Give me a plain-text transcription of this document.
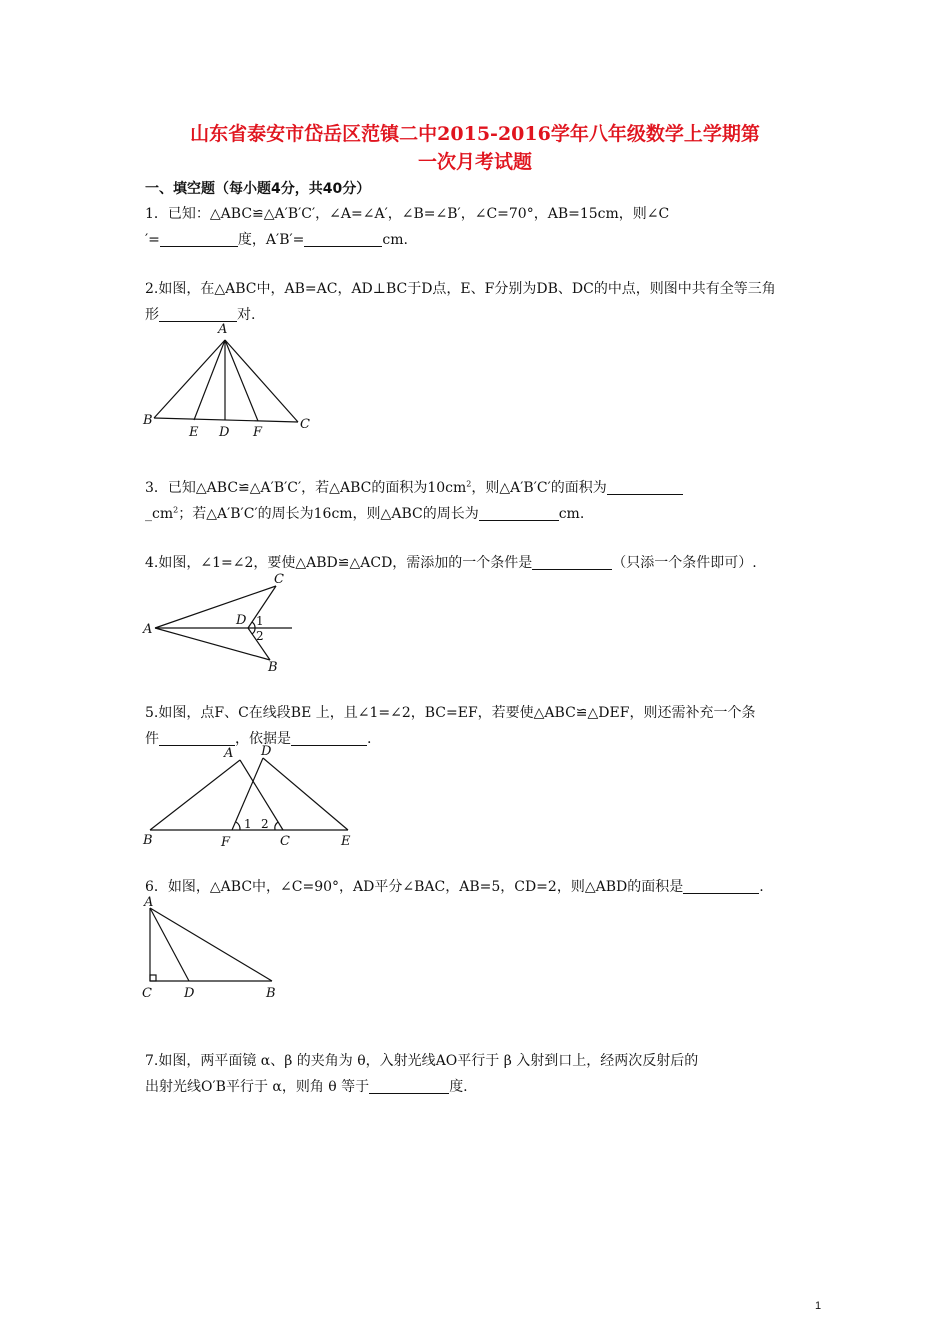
山东省泰安市岱岳区范镇二中2015-2016学年八年级数学上学期第
一次月考试题
一、填空题（每小题4分，共40分）
1．已知：△ABC≌△A′B′C′，∠A=∠A′，∠B=∠B′，∠C=70°，AB=15cm，则∠C
′=	度，A′B′=	cm.
2.如图，在△ABC中，AB=AC，AD⊥BC于D点，E、F分别为DB、DC的中点，则图中共有全等三角
形	对.
A
B	C
E D F
3．已知△ABC≌△A′B′C′，若△ABC的面积为$10cm^2$，则△A′B′C′的面积为
$\_cm^2$；若△A′B′C′的周长为16cm，则△ABC的周长为	cm.
4.如图，∠1=∠2，要使△ABD≌△ACD，需添加的一个条件是	（只添一个条件即可）.
A
C
D
B
1
2
5.如图，点F、C在线段BE 上，且∠1=∠2，BC=EF，若要使△ABC≌△DEF，则还需补充一个条
件	，依据是	.
A D
B	F	C	E
1 2
6．如图，△ABC中，∠C=90°，AD平分∠BAC，AB=5，CD=2，则△ABD的面积是	.
A
C D	B
7.如图，两平面镜 α、β 的夹角为 θ，入射光线AO平行于 β 入射到口上，经两次反射后的
出射光线O′B平行于 α，则角 θ 等于	度.
1
